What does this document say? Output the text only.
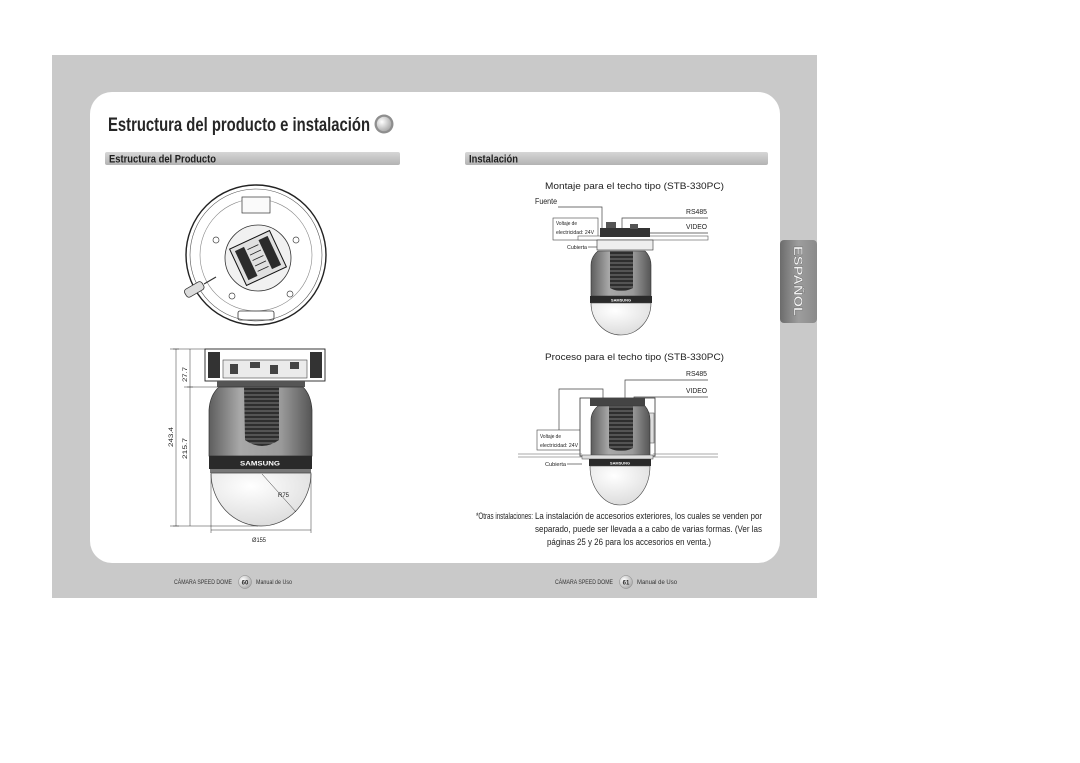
ESPAÑOL
Estructura del producto e instalación
Estructura del Producto	Instalación
SAMSUNG
243.4
27.7
215.7
R75
Ø155
Montaje para el techo tipo (STB-330PC)
Fuente
Voltaje de
electricidad: 24V
RS485
VIDEO
Cubierta
SAMSUNG
Proceso para el techo tipo (STB-330PC)
RS485
VIDEO
Voltaje de
electricidad: 24V
Cubierta	SAMSUNG
*Otras instalaciones: La instalación de accesorios exteriores, los cuales se venden por
separado, puede ser llevada a a cabo de varias formas. (Ver las
páginas 25 y 26 para los accesorios en venta.)
CÁMARA SPEED DOME 60 Manual de Uso	CÁMARA SPEED DOME 61 Manual de Uso
